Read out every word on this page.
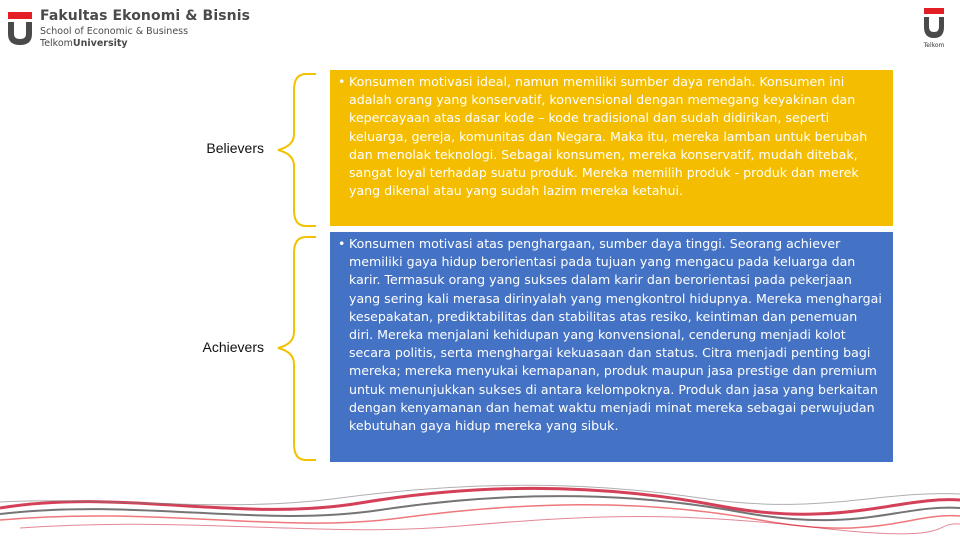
Fakultas Ekonomi & Bisnis
School of Economic & Business
TelkomUniversity	Telkom
Believers
• Konsumen motivasi ideal, namun memiliki sumber daya rendah. Konsumen ini adalah orang yang konservatif, konvensional dengan memegang keyakinan dan kepercayaan atas dasar kode – kode tradisional dan sudah didirikan, seperti keluarga, gereja, komunitas dan Negara. Maka itu, mereka lamban untuk berubah dan menolak teknologi. Sebagai konsumen, mereka konservatif, mudah ditebak, sangat loyal terhadap suatu produk. Mereka memilih produk - produk dan merek yang dikenal atau yang sudah lazim mereka ketahui.
Achievers
• Konsumen motivasi atas penghargaan, sumber daya tinggi. Seorang achiever memiliki gaya hidup berorientasi pada tujuan yang mengacu pada keluarga dan karir. Termasuk orang yang sukses dalam karir dan berorientasi pada pekerjaan yang sering kali merasa dirinyalah yang mengkontrol hidupnya. Mereka menghargai kesepakatan, prediktabilitas dan stabilitas atas resiko, keintiman dan penemuan diri. Mereka menjalani kehidupan yang konvensional, cenderung menjadi kolot secara politis, serta menghargai kekuasaan dan status. Citra menjadi penting bagi mereka; mereka menyukai kemapanan, produk maupun jasa prestige dan premium untuk menunjukkan sukses di antara kelompoknya. Produk dan jasa yang berkaitan dengan kenyamanan dan hemat waktu menjadi minat mereka sebagai perwujudan kebutuhan gaya hidup mereka yang sibuk.
